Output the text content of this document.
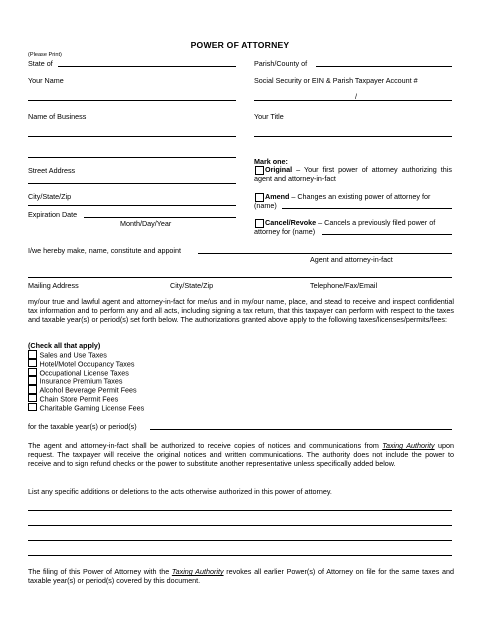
POWER OF ATTORNEY
(Please Print)
State of
Your Name
Name of Business
Street Address
City/State/Zip
Expiration Date
Month/Day/Year
Parish/County of
Social Security or EIN & Parish Taxpayer Account #
/
Your Title
Mark one:
Original – Your first power of attorney authorizing this agent and attorney-in-fact
Amend – Changes an existing power of attorney for (name)
Cancel/Revoke – Cancels a previously filed power of attorney for (name)
I/we hereby make, name, constitute and appoint
Agent and attorney-in-fact
Mailing Address	City/State/Zip	Telephone/Fax/Email
my/our true and lawful agent and attorney-in-fact for me/us and in my/our name, place, and stead to receive and inspect confidential tax information and to perform any and all acts, including signing a tax return, that this taxpayer can perform with respect to the taxes and taxable year(s) or period(s) set forth below. The authorizations granted above apply to the following taxes/licenses/permits/fees:
(Check all that apply)
Sales and Use Taxes
Hotel/Motel Occupancy Taxes
Occupational License Taxes
Insurance Premium Taxes
Alcohol Beverage Permit Fees
Chain Store Permit Fees
Charitable Gaming License Fees
for the taxable year(s) or period(s)
The agent and attorney-in-fact shall be authorized to receive copies of notices and communications from Taxing Authority upon request. The taxpayer will receive the original notices and written communications. The authority does not include the power to receive and to sign refund checks or the power to substitute another representative unless specifically added below.
List any specific additions or deletions to the acts otherwise authorized in this power of attorney.
The filing of this Power of Attorney with the Taxing Authority revokes all earlier Power(s) of Attorney on file for the same taxes and taxable year(s) or period(s) covered by this document.
